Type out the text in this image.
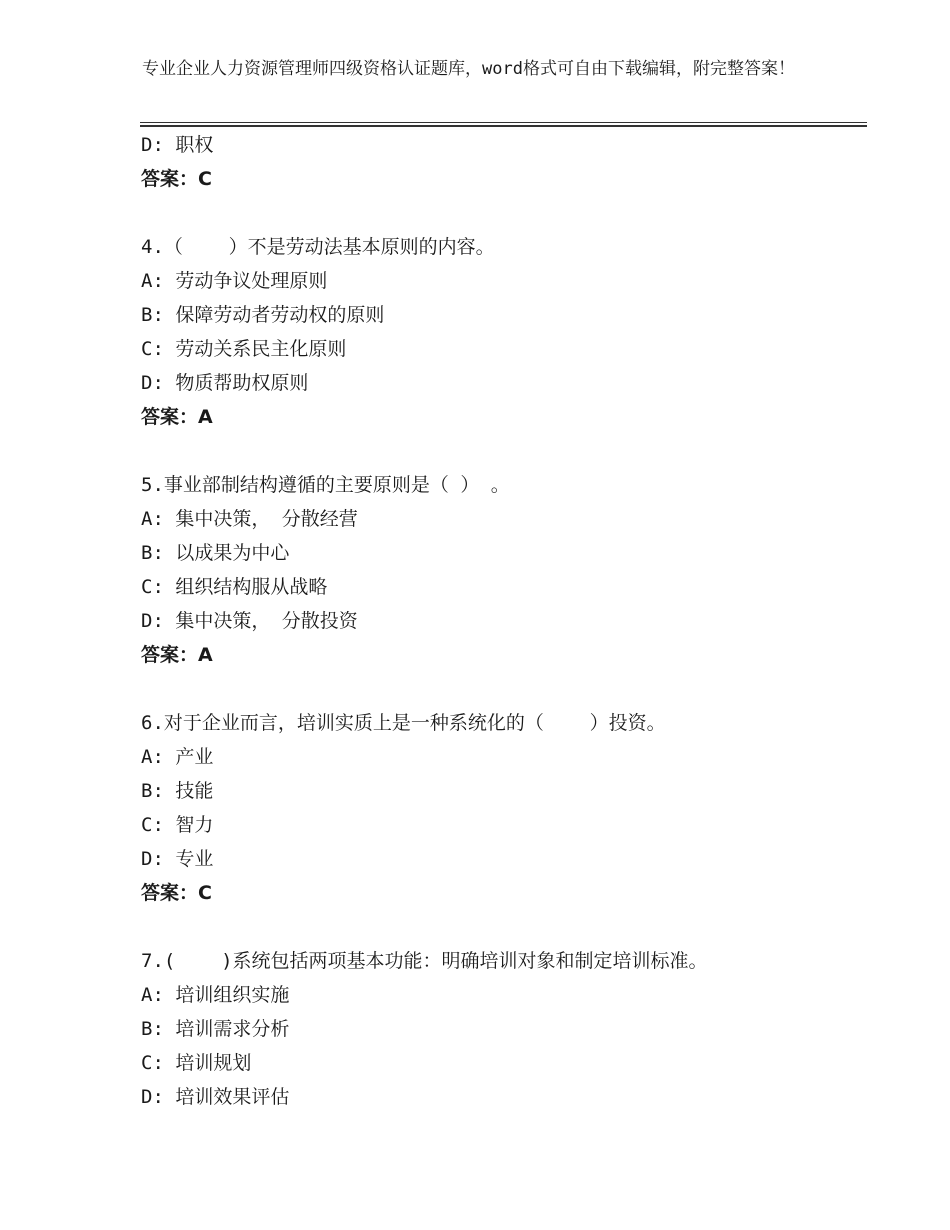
专业企业人力资源管理师四级资格认证题库，word格式可自由下载编辑，附完整答案！
D: 职权
答案：C
4.（    ）不是劳动法基本原则的内容。
A: 劳动争议处理原则
B: 保障劳动者劳动权的原则
C: 劳动关系民主化原则
D: 物质帮助权原则
答案：A
5.事业部制结构遵循的主要原则是（ ） 。
A: 集中决策， 分散经营
B: 以成果为中心
C: 组织结构服从战略
D: 集中决策， 分散投资
答案：A
6.对于企业而言，培训实质上是一种系统化的（    ）投资。
A: 产业
B: 技能
C: 智力
D: 专业
答案：C
7.(    )系统包括两项基本功能：明确培训对象和制定培训标准。
A: 培训组织实施
B: 培训需求分析
C: 培训规划
D: 培训效果评估
